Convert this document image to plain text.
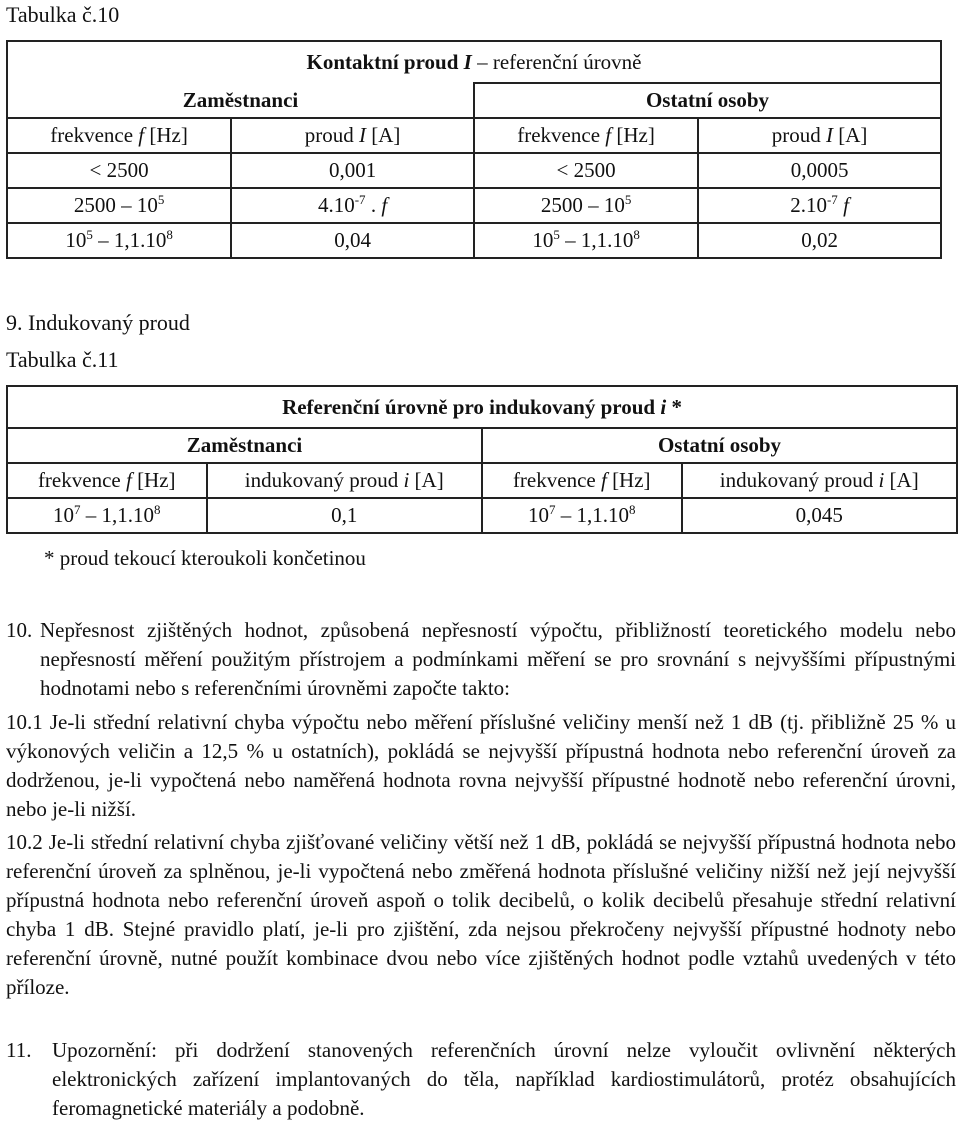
Tabulka č.10
Kontaktní proud I – referenční úrovně			
Zaměstnanci		Ostatní osoby	
frekvence f [Hz]	proud I [A]	frekvence f [Hz]	proud I [A]
< 2500	0,001	< 2500	0,0005
$2500 - 10^5$	$4.10^{-7}$ . f	$2500 - 10^5$	$2.10^{-7}$ f
$10^5 - 1,1.10^8$	0,04	$10^5 - 1,1.10^8$	0,02
9. Indukovaný proud
Tabulka č.11
Referenční úrovně pro indukovaný proud i *			
Zaměstnanci		Ostatní osoby	
frekvence f [Hz]	indukovaný proud i [A]	frekvence f [Hz]	indukovaný proud i [A]
$10^7 - 1,1.10^8$	0,1	$10^7 - 1,1.10^8$	0,045
* proud tekoucí kteroukoli končetinou
10. Nepřesnost zjištěných hodnot, způsobená nepřesností výpočtu, přibližností teoretického modelu nebo nepřesností měření použitým přístrojem a podmínkami měření se pro srovnání s nejvyššími přípustnými hodnotami nebo s referenčními úrovněmi započte takto:
10.1 Je-li střední relativní chyba výpočtu nebo měření příslušné veličiny menší než 1 dB (tj. přibližně 25 % u výkonových veličin a 12,5 % u ostatních), pokládá se nejvyšší přípustná hodnota nebo referenční úroveň za dodrženou, je-li vypočtená nebo naměřená hodnota rovna nejvyšší přípustné hodnotě nebo referenční úrovni, nebo je-li nižší.
10.2 Je-li střední relativní chyba zjišťované veličiny větší než 1 dB, pokládá se nejvyšší přípustná hodnota nebo referenční úroveň za splněnou, je-li vypočtená nebo změřená hodnota příslušné veličiny nižší než její nejvyšší přípustná hodnota nebo referenční úroveň aspoň o tolik decibelů, o kolik decibelů přesahuje střední relativní chyba 1 dB. Stejné pravidlo platí, je-li pro zjištění, zda nejsou překročeny nejvyšší přípustné hodnoty nebo referenční úrovně, nutné použít kombinace dvou nebo více zjištěných hodnot podle vztahů uvedených v této příloze.
11. Upozornění: při dodržení stanovených referenčních úrovní nelze vyloučit ovlivnění některých elektronických zařízení implantovaných do těla, například kardiostimulátorů, protéz obsahujících feromagnetické materiály a podobně.
